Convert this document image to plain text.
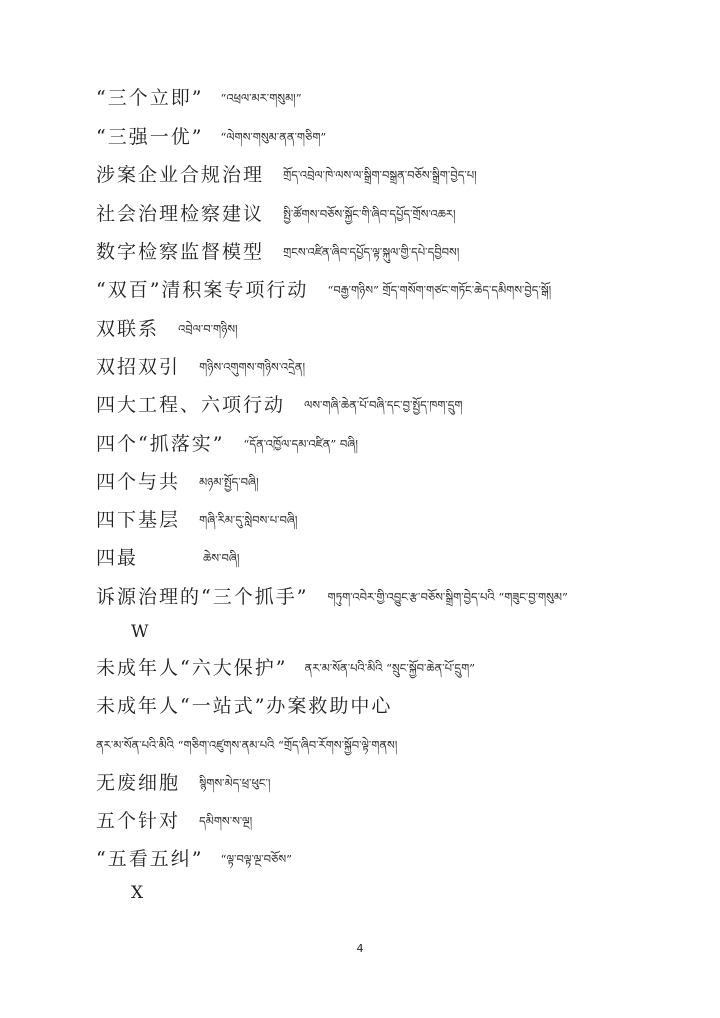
“三个立即” “འཕྲལ་མར་གསུམ།”
“三强一优” “ལེགས་གསུམ་ནན་གཅིག”
涉案企业合规治理 གྲོད་འབྲེལ་ཁེ་ལས་ལ་སྒྲིག་བསྒྲན་བཅོས་སྒྲིག་བྱེད་པ།
社会治理检察建议 སྤྱི་ཚོགས་བཅོས་སྐྱོང་གི་ཞིབ་དཔྱོད་གྲོས་འཆར།
数字检察监督模型 གྲངས་འཛིན་ཞིབ་དཔྱོད་ལྟ་སྐུལ་གྱི་དཔེ་དབྱིབས།
“双百”清积案专项行动 “བརྒྱ་གཉིས” གྲོད་གསོག་གཙང་གཏོང་ཆེད་དམིགས་བྱེད་སྒོ།
双联系 འབྲེལ་བ་གཉིས།
双招双引 གཉིས་འགུགས་གཉིས་འདྲེན།
四大工程、六项行动 ལས་གཞི་ཆེན་པོ་བཞི་དང་བྱ་སྤྱོད་ཁག་དྲུག
四个“抓落实” “དོན་འཁྱོལ་དམ་འཛིན” བཞི།
四个与共 མཉམ་སྤྱོད་བཞི།
四下基层 གཞི་རིམ་དུ་སླེབས་པ་བཞི།
四最	ཆེས་བཞི།
诉源治理的“三个抓手” གཏུག་འབེར་གྱི་འབྱུང་རྩ་བཅོས་སྒྲིག་བྱེད་པའི “གཟུང་བྱ་གསུམ”
W
未成年人“六大保护” ནར་མ་སོན་པའི་མིའི “སྲུང་སྐྱོབ་ཆེན་པོ་དྲུག”
未成年人“一站式”办案救助中心
ནར་མ་སོན་པའི་མིའི “གཅིག་འཛུགས་ནམ་པའི “གྲོད་ཞིབ་རོགས་སྐྱོབ་ལྟེ་གནས།
无废细胞 སྙིགས་མེད་ཕྲ་ཕུང་།
五个针对 དམིགས་ས་ལྔ།
“五看五纠” “ལྟ་བལྟ་ལྔ་བཅོས”
X
4
